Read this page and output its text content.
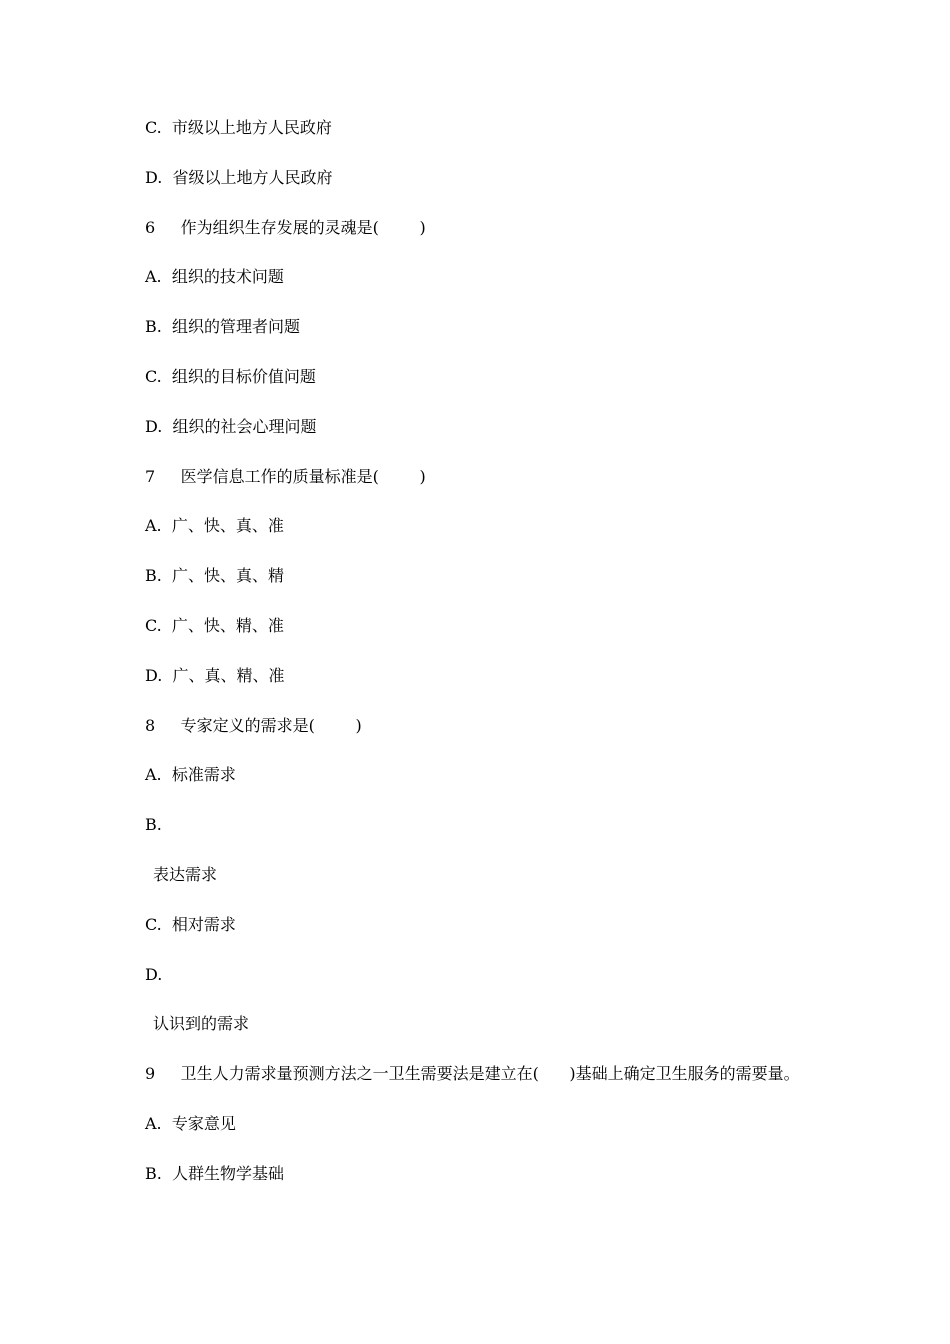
C.  市级以上地方人民政府
D.  省级以上地方人民政府
6     作为组织生存发展的灵魂是(        )
A.  组织的技术问题
B.  组织的管理者问题
C.  组织的目标价值问题
D.  组织的社会心理问题
7     医学信息工作的质量标准是(        )
A.  广、快、真、准
B.  广、快、真、精
C.  广、快、精、准
D.  广、真、精、准
8     专家定义的需求是(        )
A.  标准需求
B.
表达需求
C.  相对需求
D.
认识到的需求
9     卫生人力需求量预测方法之一卫生需要法是建立在(      )基础上确定卫生服务的需要量。
A.  专家意见
B.  人群生物学基础
